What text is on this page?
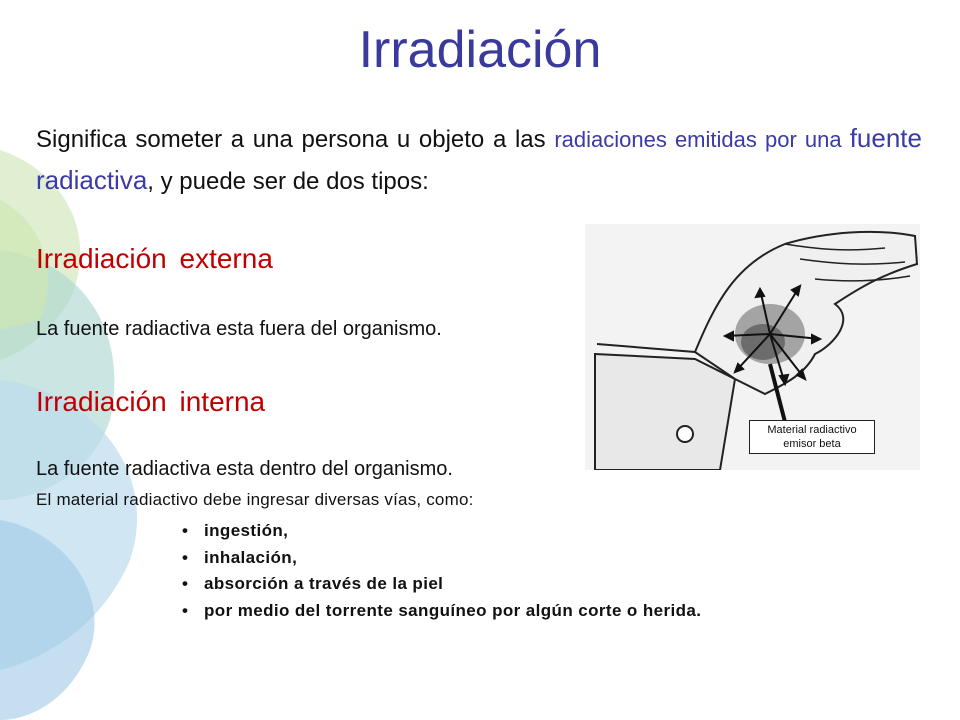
Irradiación

Significa someter a una persona u objeto a las radiaciones emitidas por una fuente radiactiva, y puede ser de dos tipos:

Irradiación externa

La fuente radiactiva esta fuera del organismo.

Irradiación interna

La fuente radiactiva esta dentro del organismo.

El material radiactivo debe ingresar diversas vías, como:

• ingestión,
• inhalación,
• absorción a través de la piel
• por medio del torrente sanguíneo por algún corte o herida.
Material radiactivo
emisor beta
